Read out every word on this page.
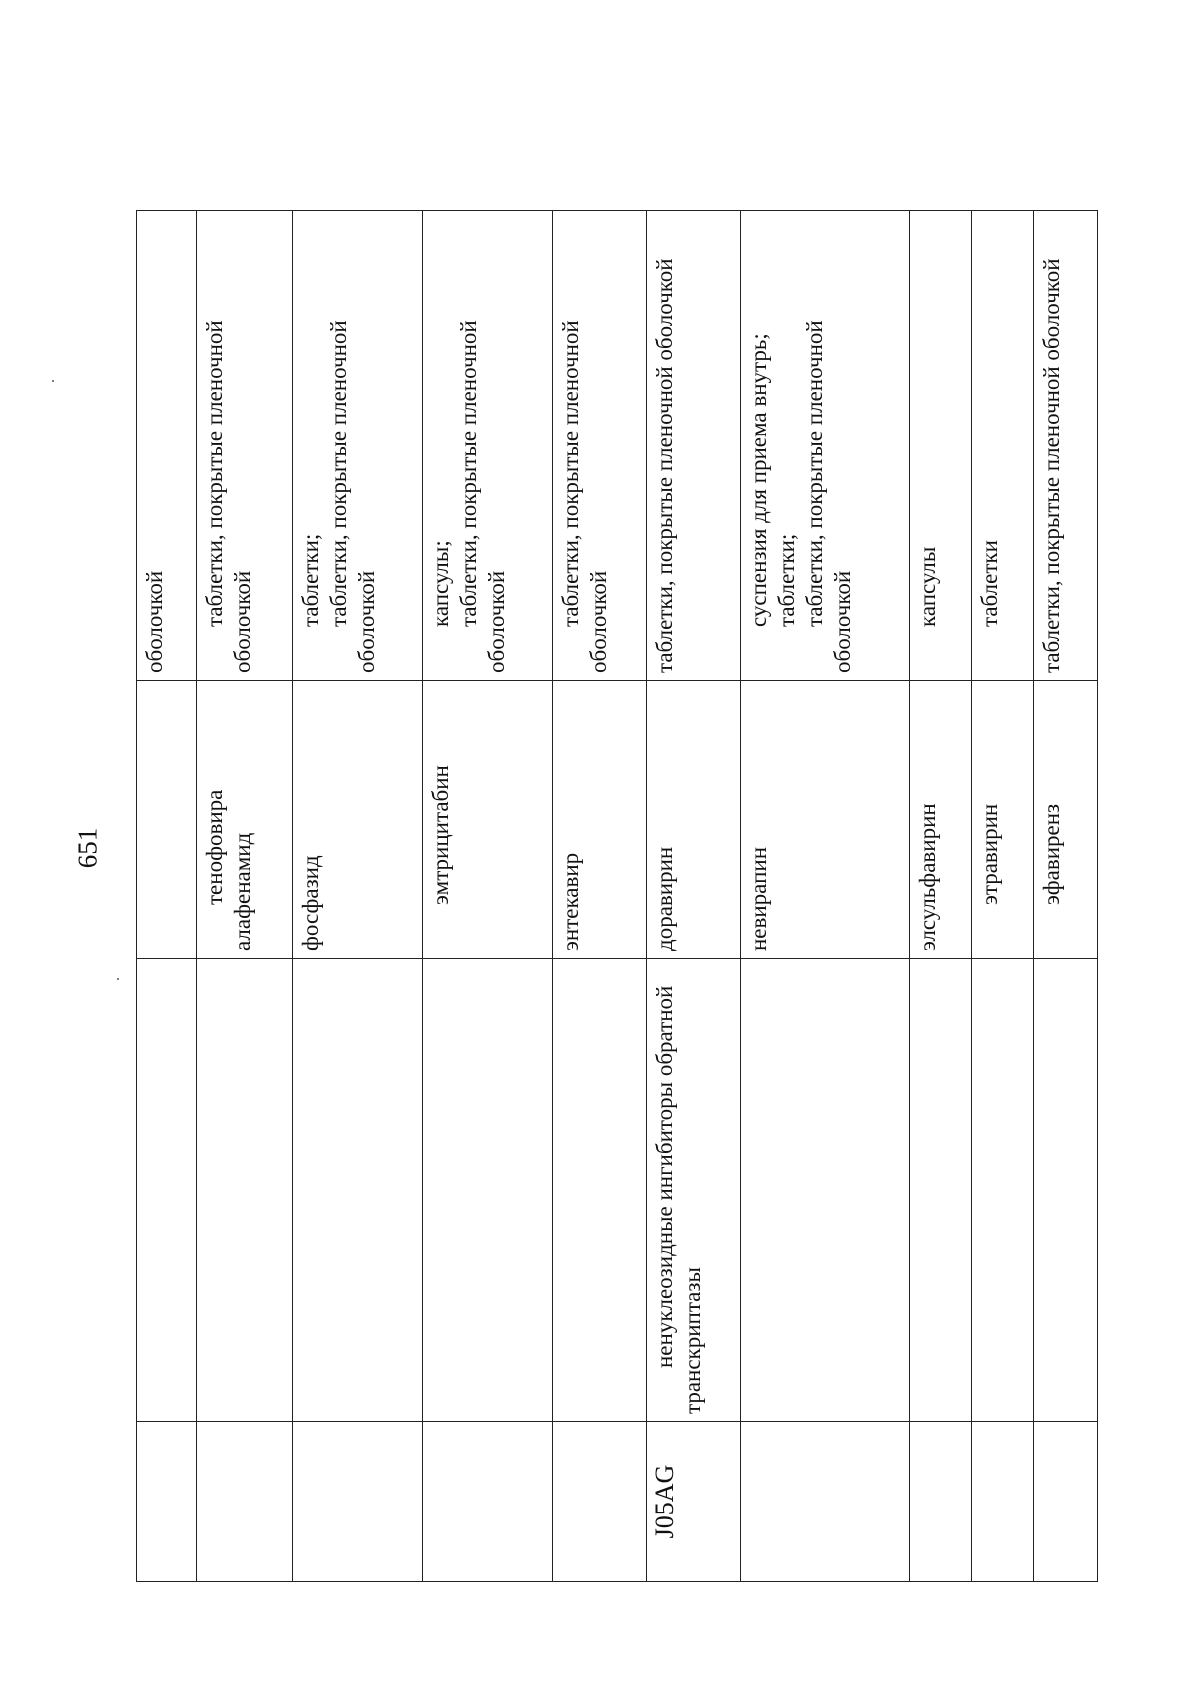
651

			оболочкой

		тенофовира алафенамид	таблетки, покрытые пленочной оболочкой

		фосфазид	таблетки; таблетки, покрытые пленочной оболочкой

		эмтрицитабин	капсулы; таблетки, покрытые пленочной оболочкой

		энтекавир	таблетки, покрытые пленочной оболочкой

J05AG	ненуклеозидные ингибиторы обратной транскриптазы	доравирин	таблетки, покрытые пленочной оболочкой

		невирапин	суспензия для приема внутрь; таблетки; таблетки, покрытые пленочной оболочкой

		элсульфавирин	капсулы

		этравирин	таблетки

		эфавиренз	таблетки, покрытые пленочной оболочкой
